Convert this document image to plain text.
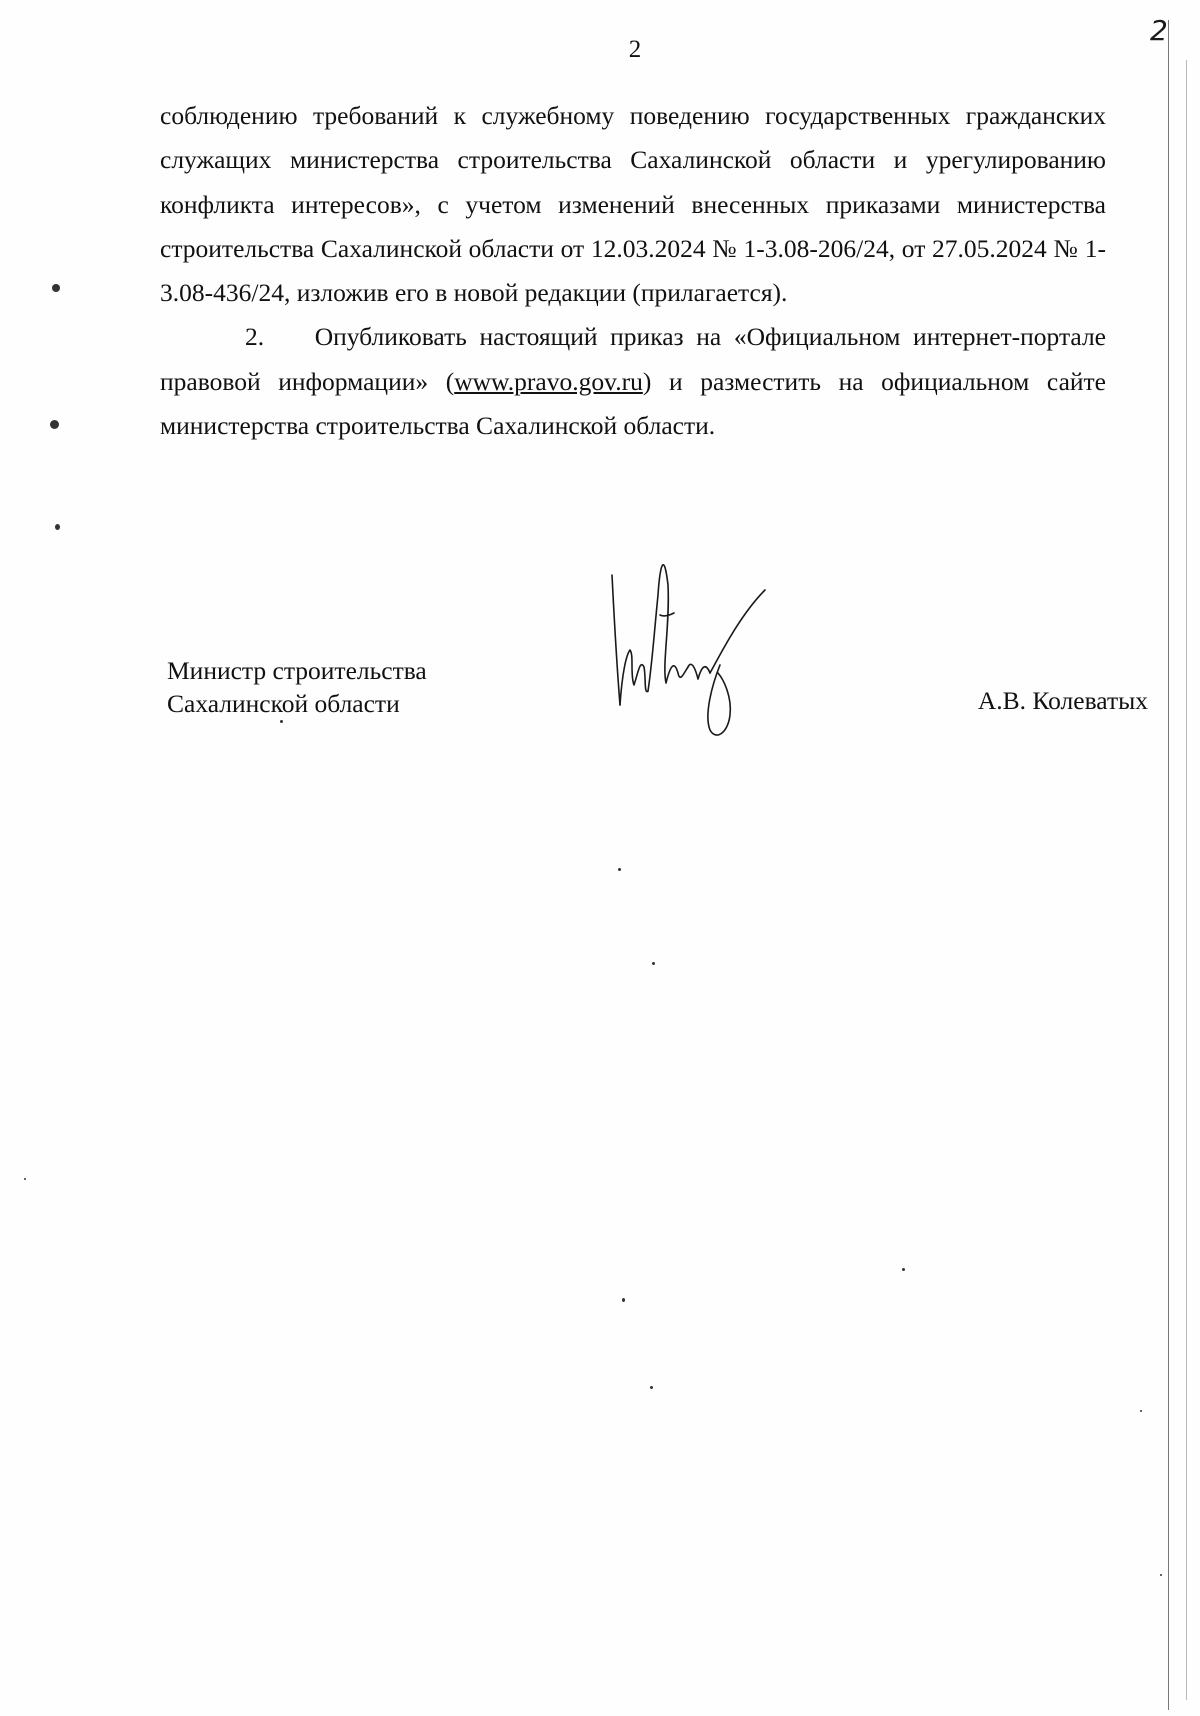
2
2

соблюдению требований к служебному поведению государственных гражданских служащих министерства строительства Сахалинской области и урегулированию конфликта интересов», с учетом изменений внесенных приказами министерства строительства Сахалинской области от 12.03.2024 № 1-3.08-206/24, от 27.05.2024 № 1-3.08-436/24, изложив его в новой редакции (прилагается).

2. Опубликовать настоящий приказ на «Официальном интернет-портале правовой информации» (www.pravo.gov.ru) и разместить на официальном сайте министерства строительства Сахалинской области.

Министр строительства
Сахалинской области	А.В. Колеватых
